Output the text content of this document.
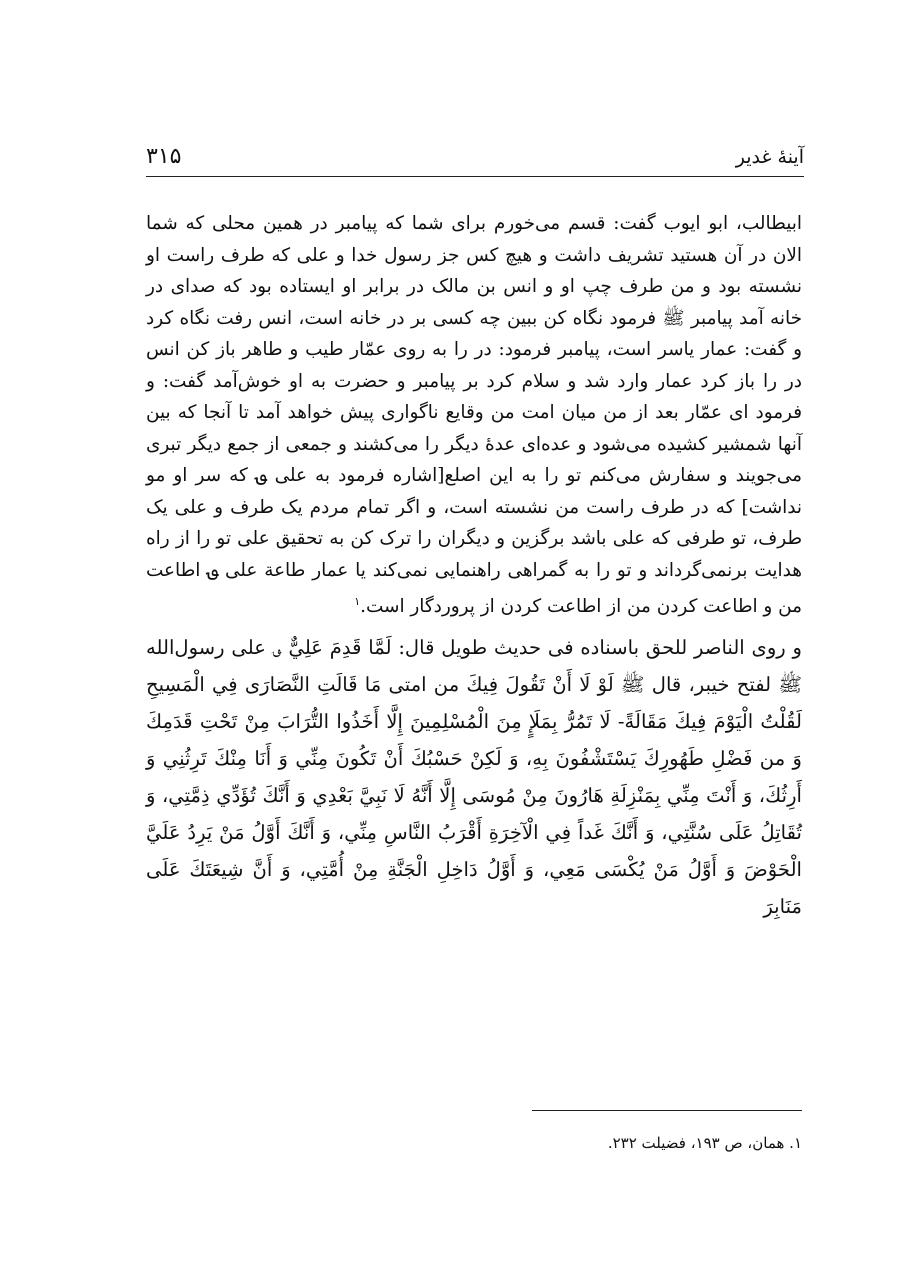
آینهٔ غدیر
۳۱۵

ابیطالب، ابو ایوب گفت: قسم می‌خورم برای شما که پیامبر در همین محلی که شما الان در آن هستید تشریف داشت و هیچ کس جز رسول خدا و علی که طرف راست او نشسته بود و من طرف چپ او و انس بن مالک در برابر او ایستاده بود که صدای در خانه آمد پیامبر ﷺ فرمود نگاه کن ببین چه کسی بر در خانه است، انس رفت نگاه کرد و گفت: عمار یاسر است، پیامبر فرمود: در را به روی عمّار طیب و طاهر باز کن انس در را باز کرد عمار وارد شد و سلام کرد بر پیامبر و حضرت به او خوش‌آمد گفت: و فرمود ای عمّار بعد از من میان امت من وقایع ناگواری پیش خواهد آمد تا آنجا که بین آنها شمشیر کشیده می‌شود و عده‌ای عدهٔ دیگر را می‌کشند و جمعی از جمع دیگر تبری می‌جویند و سفارش می‌کنم تو را به این اصلع[اشاره فرمود به علی ؈ که سر او مو نداشت] که در طرف راست من نشسته است، و اگر تمام مردم یک طرف و علی یک طرف، تو طرفی که علی باشد برگزین و دیگران را ترک کن به تحقیق علی تو را از راه هدایت برنمی‌گرداند و تو را به گمراهی راهنمایی نمی‌کند یا عمار طاعة علی ؈ اطاعت من و اطاعت کردن من از اطاعت کردن از پروردگار است.$^۱$

و روی الناصر للحق باسناده فی حدیث طویل قال: لَمَّا قَدِمَ عَلِيٌّ ؈ علی رسول‌الله ﷺ لفتح خیبر، قال ﷺ لَوْ لَا أَنْ تَقُولَ فِيكَ من امتی مَا قَالَتِ النَّصَارَى فِي الْمَسِيحِ لَقُلْتُ الْيَوْمَ فِيكَ مَقَالَةً- لَا تَمُرُّ بِمَلَإٍ مِنَ الْمُسْلِمِينَ إِلَّا أَخَذُوا التُّرَابَ مِنْ تَحْتِ قَدَمِكَ وَ من فَضْلِ طَهُورِكَ يَسْتَشْفُونَ بِهِ، وَ لَكِنْ حَسْبُكَ أَنْ تَكُونَ مِنِّي وَ أَنَا مِنْكَ تَرِثُنِي وَ أَرِثُكَ، وَ أَنْتَ مِنِّي بِمَنْزِلَةِ هَارُونَ مِنْ مُوسَى إِلَّا أَنَّهُ لَا نَبِيَّ بَعْدِي وَ أَنَّكَ تُؤَدِّي ذِمَّتِي، وَ تُقَاتِلُ عَلَى سُنَّتِي، وَ أَنَّكَ غَداً فِي الْآخِرَةِ أَقْرَبُ النَّاسِ مِنِّي، وَ أَنَّكَ أَوَّلُ مَنْ يَرِدُ عَلَيَّ الْحَوْضَ وَ أَوَّلُ مَنْ يُكْسَى مَعِي، وَ أَوَّلُ دَاخِلِ الْجَنَّةِ مِنْ أُمَّتِي، وَ أَنَّ شِيعَتَكَ عَلَى مَنَابِرَ

۱. همان، ص ۱۹۳، فضیلت ۲۳۲.
